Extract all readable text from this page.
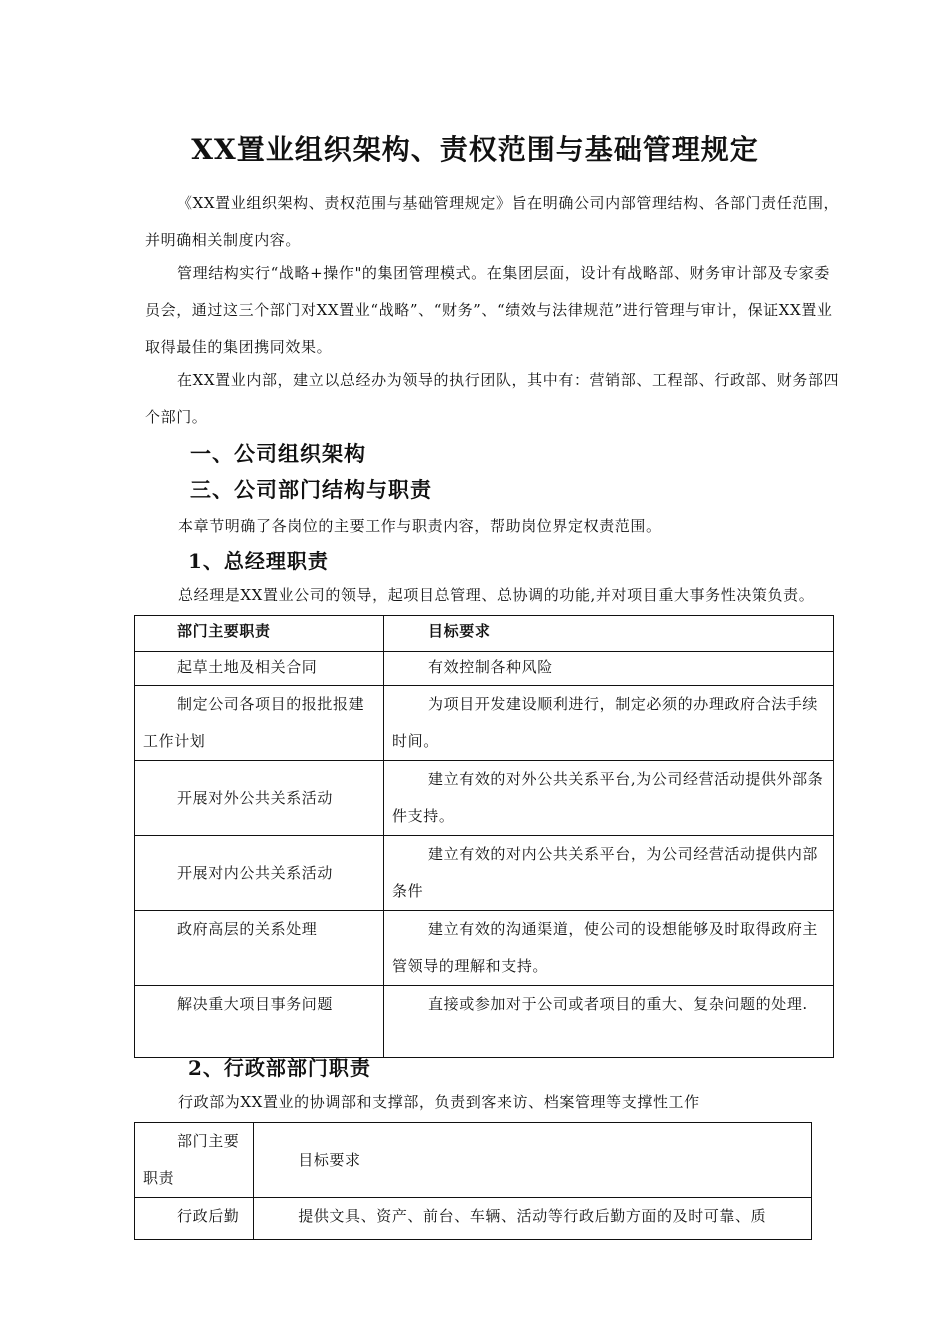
XX置业组织架构、责权范围与基础管理规定

《XX置业组织架构、责权范围与基础管理规定》旨在明确公司内部管理结构、各部门责任范围，并明确相关制度内容。

管理结构实行“战略+操作"的集团管理模式。在集团层面，设计有战略部、财务审计部及专家委员会，通过这三个部门对XX置业“战略”、“财务”、“绩效与法律规范”进行管理与审计，保证XX置业取得最佳的集团携同效果。

在XX置业内部，建立以总经办为领导的执行团队，其中有：营销部、工程部、行政部、财务部四个部门。

一、公司组织架构
三、公司部门结构与职责
本章节明确了各岗位的主要工作与职责内容，帮助岗位界定权责范围。
1、总经理职责
总经理是XX置业公司的领导，起项目总管理、总协调的功能,并对项目重大事务性决策负责。
部门主要职责	目标要求

起草土地及相关合同	有效控制各种风险

制定公司各项目的报批报建工作计划	为项目开发建设顺利进行，制定必须的办理政府合法手续时间。

开展对外公共关系活动	建立有效的对外公共关系平台,为公司经营活动提供外部条件支持。

开展对内公共关系活动	建立有效的对内公共关系平台，为公司经营活动提供内部条件

政府高层的关系处理	建立有效的沟通渠道，使公司的设想能够及时取得政府主管领导的理解和支持。

解决重大项目事务问题	直接或参加对于公司或者项目的重大、复杂问题的处理.
2、行政部部门职责
行政部为XX置业的协调部和支撑部，负责到客来访、档案管理等支撑性工作
部门主要职责	目标要求

行政后勤	提供文具、资产、前台、车辆、活动等行政后勤方面的及时可靠、质
